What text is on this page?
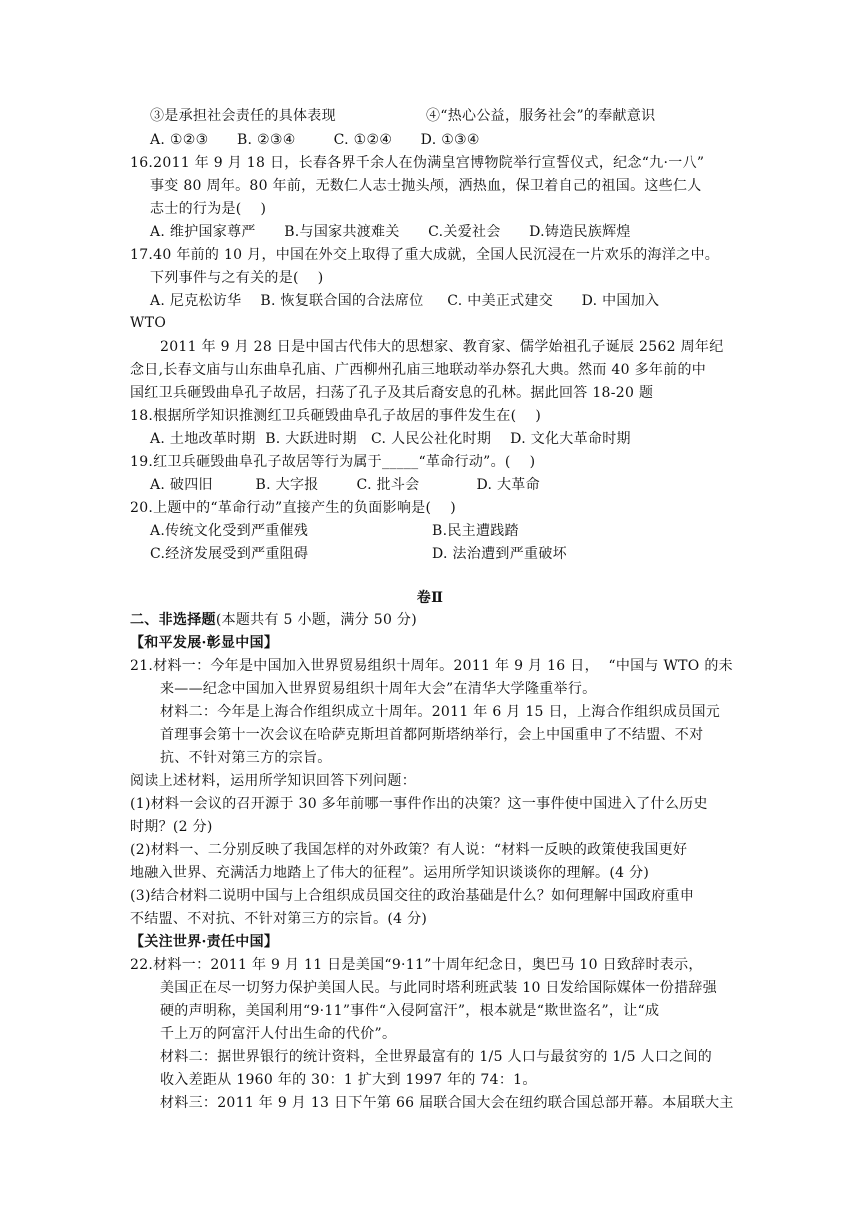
③是承担社会责任的具体表现	④“热心公益，服务社会”的奉献意识
A. ①②③      B. ②③④        C. ①②④      D. ①③④
16.2011 年 9 月 18 日，长春各界千余人在伪满皇宫博物院举行宣誓仪式，纪念“九·一八”
事变 80 周年。80 年前，无数仁人志士抛头颅，洒热血，保卫着自己的祖国。这些仁人
志士的行为是(    )
A. 维护国家尊严      B.与国家共渡难关      C.关爱社会      D.铸造民族辉煌
17.40 年前的 10 月，中国在外交上取得了重大成就，全国人民沉浸在一片欢乐的海洋之中。
下列事件与之有关的是(    )
A. 尼克松访华    B. 恢复联合国的合法席位     C. 中美正式建交      D. 中国加入
WTO
2011 年 9 月 28 日是中国古代伟大的思想家、教育家、儒学始祖孔子诞辰 2562 周年纪
念日,长春文庙与山东曲阜孔庙、广西柳州孔庙三地联动举办祭孔大典。然而 40 多年前的中
国红卫兵砸毁曲阜孔子故居，扫荡了孔子及其后裔安息的孔林。据此回答 18-20 题
18.根据所学知识推测红卫兵砸毁曲阜孔子故居的事件发生在(    )
A. 土地改革时期  B. 大跃进时期   C. 人民公社化时期    D. 文化大革命时期
19.红卫兵砸毁曲阜孔子故居等行为属于_____“革命行动”。(    )
A. 破四旧         B. 大字报        C. 批斗会            D. 大革命
20.上题中的“革命行动”直接产生的负面影响是(    )
A.传统文化受到严重催残	B.民主遭践踏
C.经济发展受到严重阻碍	D. 法治遭到严重破坏
卷Ⅱ
二、非选择题(本题共有 5 小题，满分 50 分)
【和平发展·彰显中国】
21.材料一：今年是中国加入世界贸易组织十周年。2011 年 9 月 16 日，  “中国与 WTO 的未
来——纪念中国加入世界贸易组织十周年大会”在清华大学隆重举行。
材料二：今年是上海合作组织成立十周年。2011 年 6 月 15 日，上海合作组织成员国元
首理事会第十一次会议在哈萨克斯坦首都阿斯塔纳举行，会上中国重申了不结盟、不对
抗、不针对第三方的宗旨。
阅读上述材料，运用所学知识回答下列问题：
(1)材料一会议的召开源于 30 多年前哪一事件作出的决策？这一事件使中国进入了什么历史
时期？(2 分)
(2)材料一、二分别反映了我国怎样的对外政策？有人说：“材料一反映的政策使我国更好
地融入世界、充满活力地踏上了伟大的征程”。运用所学知识谈谈你的理解。(4 分)
(3)结合材料二说明中国与上合组织成员国交往的政治基础是什么？如何理解中国政府重申
不结盟、不对抗、不针对第三方的宗旨。(4 分)
【关注世界·责任中国】
22.材料一：2011 年 9 月 11 日是美国“9·11”十周年纪念日，奥巴马 10 日致辞时表示，
美国正在尽一切努力保护美国人民。与此同时塔利班武装 10 日发给国际媒体一份措辞强
硬的声明称，美国利用“9·11”事件“入侵阿富汗”，根本就是“欺世盗名”，让“成
千上万的阿富汗人付出生命的代价”。
材料二：据世界银行的统计资料，全世界最富有的 1/5 人口与最贫穷的 1/5 人口之间的
收入差距从 1960 年的 30：1 扩大到 1997 年的 74：1。
材料三：2011 年 9 月 13 日下午第 66 届联合国大会在纽约联合国总部开幕。本届联大主
